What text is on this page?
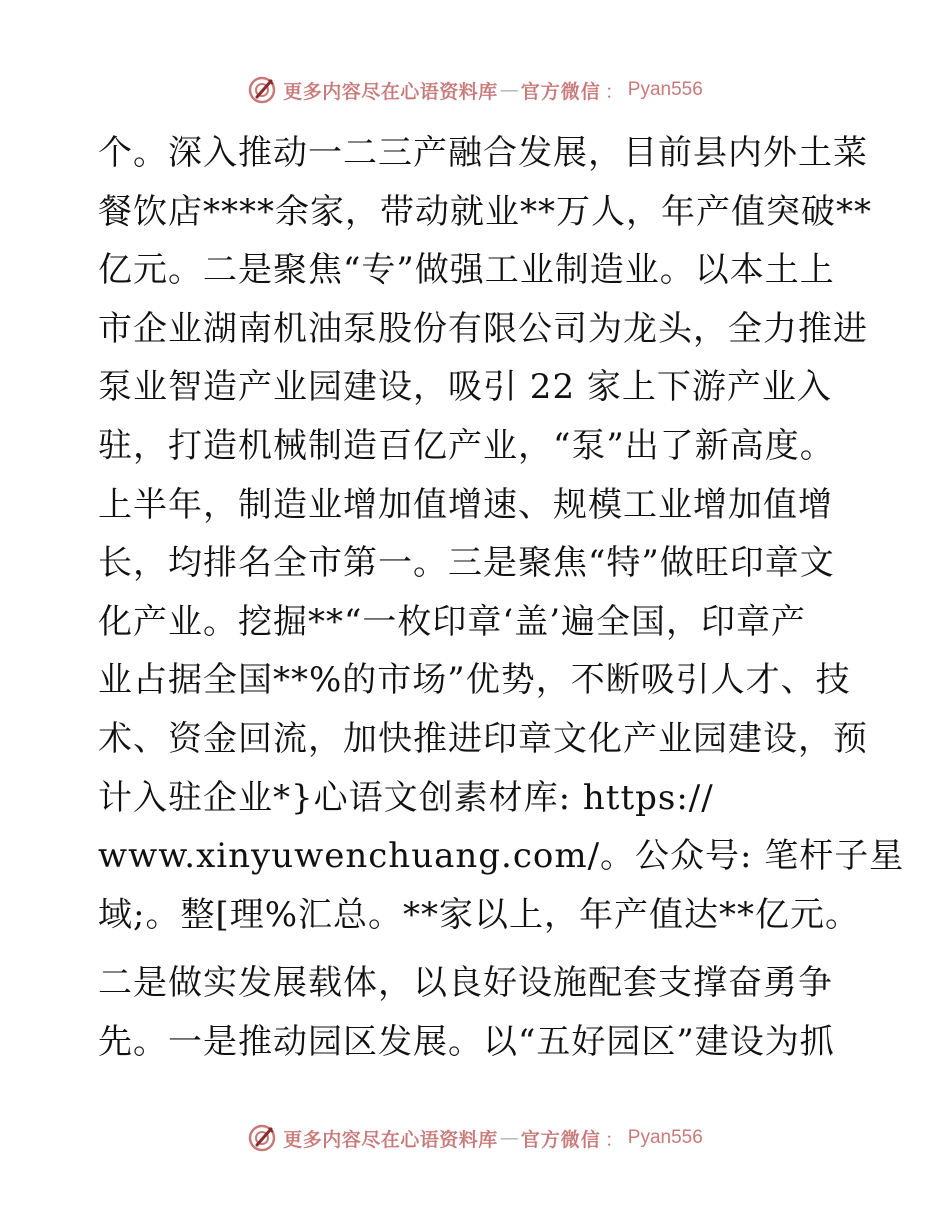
更多内容尽在心语资料库 — 官方微信 ： Pyan556
个。深入推动一二三产融合发展，目前县内外土菜
餐饮店****余家，带动就业**万人，年产值突破**
亿元。二是聚焦“专”做强工业制造业。以本土上
市企业湖南机油泵股份有限公司为龙头，全力推进
泵业智造产业园建设，吸引 22 家上下游产业入
驻，打造机械制造百亿产业，“泵”出了新高度。
上半年，制造业增加值增速、规模工业增加值增
长，均排名全市第一。三是聚焦“特”做旺印章文
化产业。挖掘**“一枚印章‘盖’遍全国，印章产
业占据全国**%的市场”优势，不断吸引人才、技
术、资金回流，加快推进印章文化产业园建设，预
计入驻企业*}心语文创素材库: https://
www.xinyuwenchuang.com/。公众号: 笔杆子星
域;。整[理%汇总。**家以上，年产值达**亿元。
二是做实发展载体，以良好设施配套支撑奋勇争
先。一是推动园区发展。以“五好园区”建设为抓
更多内容尽在心语资料库 — 官方微信 ： Pyan556
